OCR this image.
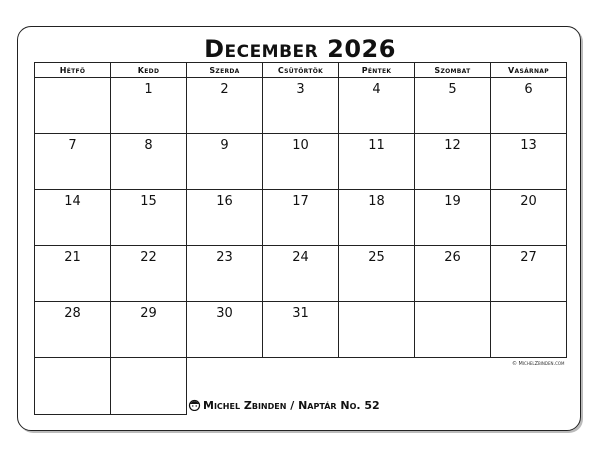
December 2026
Hétfő	Kedd	Szerda	Csütörtök	Péntek	Szombat	Vasárnap
	1	2	3	4	5	6
7	8	9	10	11	12	13
14	15	16	17	18	19	20
21	22	23	24	25	26	27
28	29	30	31			

		© MichelZbinden.com
Michel Zbinden / Naptár No. 52				
